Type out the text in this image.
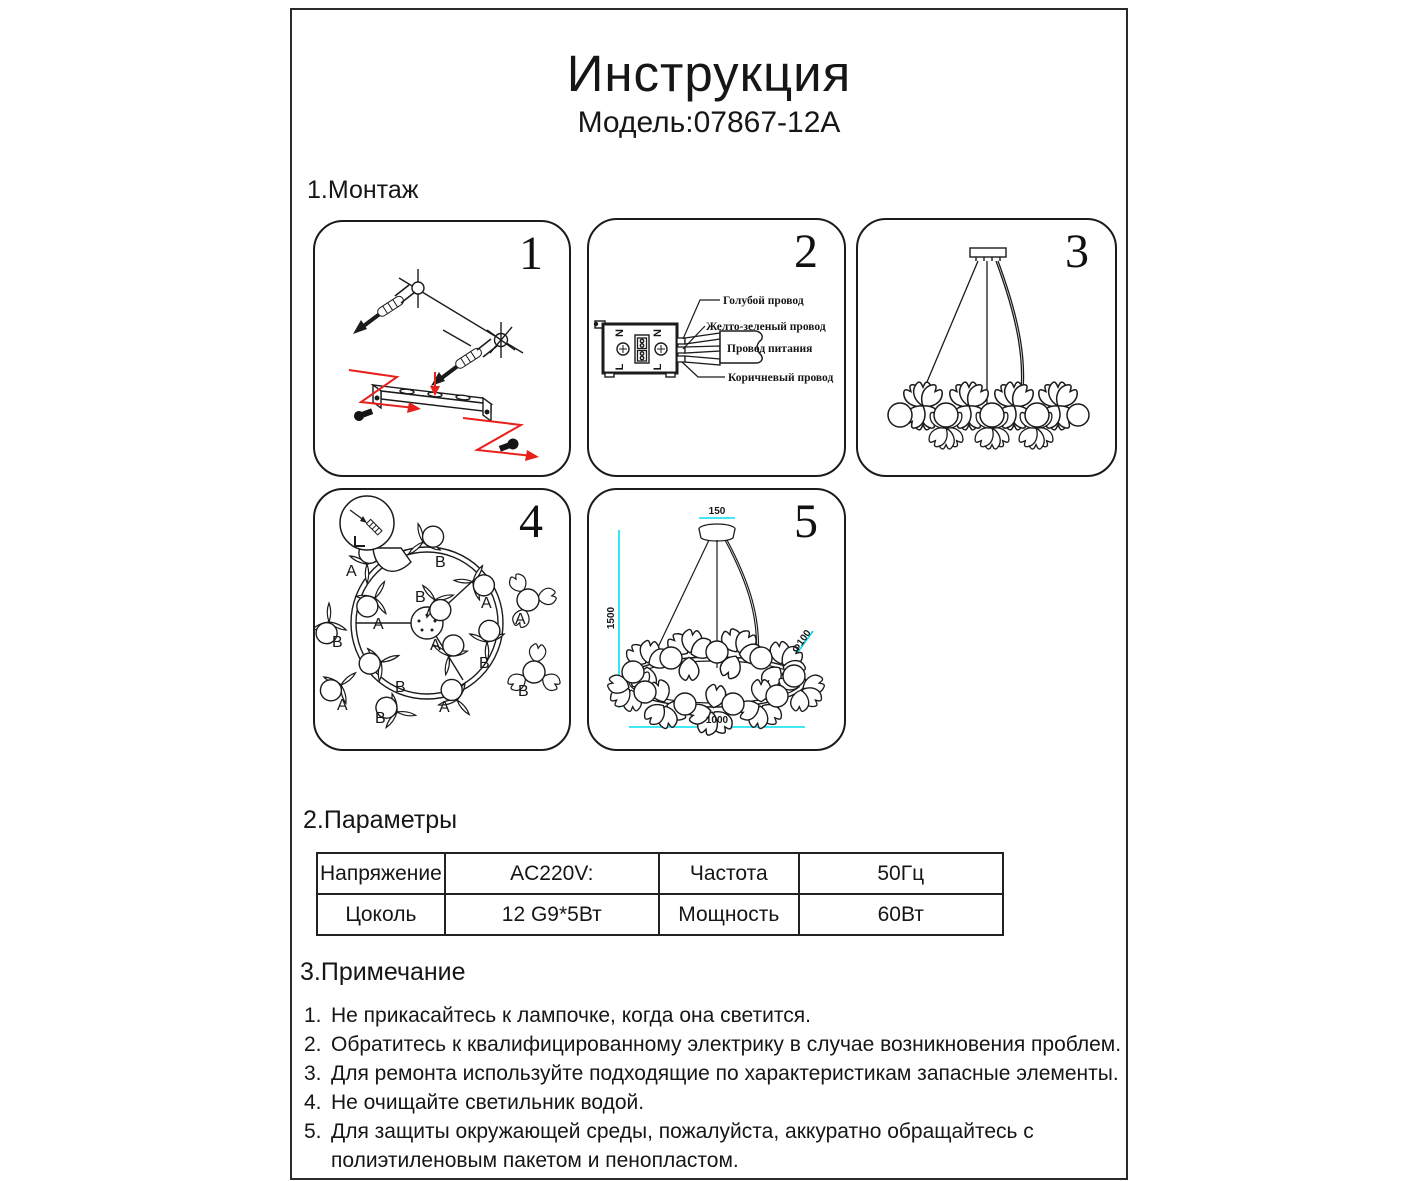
Инструкция
Модель:07867-12A
1.Монтаж
1
N
L
N
L
Голубой провод
Желто-зеленый провод
Провод питания
Коричневый провод
2	3
B
A
A
B
B
A
B
A
B
A
B
A
A
B
4	150
1500
1000
Ф100
5
2.Параметры
Напряжение	AC220V:	Частота	50Гц
Цоколь	12 G9*5Вт	Мощность	60Вт
3.Примечание
1. Не прикасайтесь к лампочке, когда она светится.
2. Обратитесь к квалифицированному электрику в случае возникновения проблем.
3. Для ремонта используйте подходящие по характеристикам запасные элементы.
4. Не очищайте светильник водой.
5. Для защиты окружающей среды, пожалуйста, аккуратно обращайтесь с полиэтиленовым пакетом и пенопластом.
